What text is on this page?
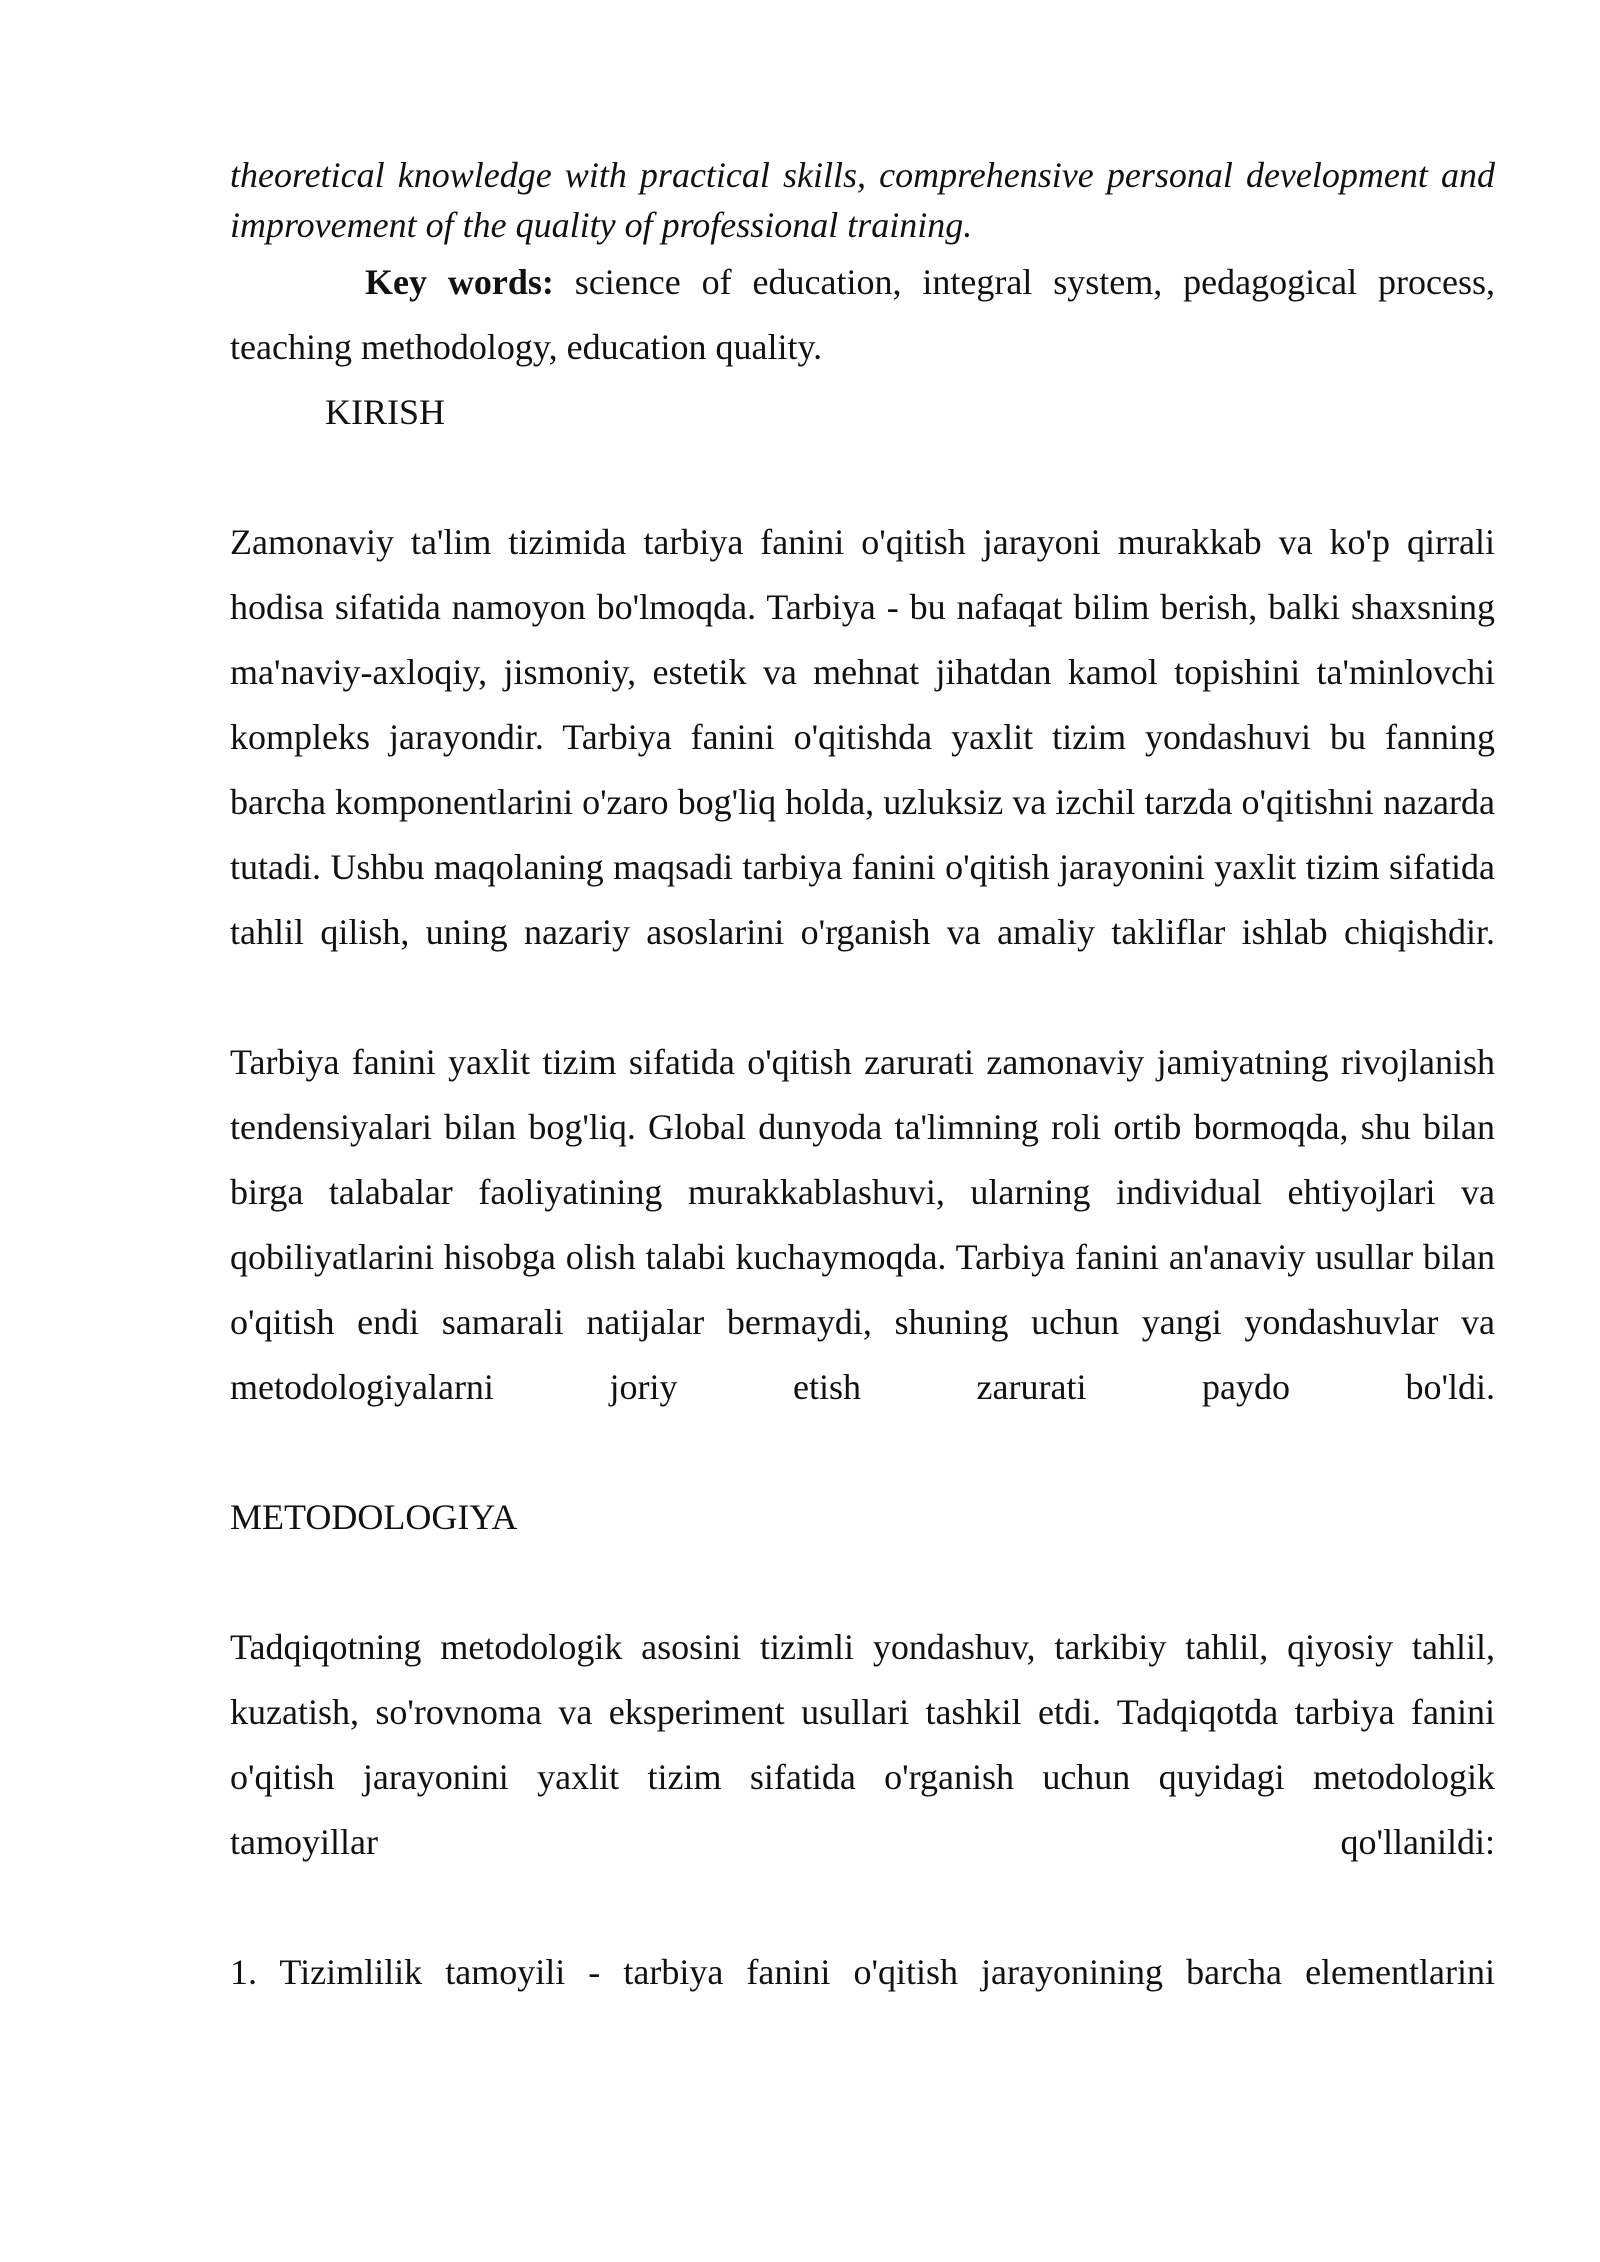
theoretical knowledge with practical skills, comprehensive personal development and improvement of the quality of professional training.

Key words: science of education, integral system, pedagogical process, teaching methodology, education quality.

KIRISH

Zamonaviy ta'lim tizimida tarbiya fanini o'qitish jarayoni murakkab va ko'p qirrali hodisa sifatida namoyon bo'lmoqda. Tarbiya - bu nafaqat bilim berish, balki shaxsning ma'naviy-axloqiy, jismoniy, estetik va mehnat jihatdan kamol topishini ta'minlovchi kompleks jarayondir. Tarbiya fanini o'qitishda yaxlit tizim yondashuvi bu fanning barcha komponentlarini o'zaro bog'liq holda, uzluksiz va izchil tarzda o'qitishni nazarda tutadi. Ushbu maqolaning maqsadi tarbiya fanini o'qitish jarayonini yaxlit tizim sifatida tahlil qilish, uning nazariy asoslarini o'rganish va amaliy takliflar ishlab chiqishdir.

Tarbiya fanini yaxlit tizim sifatida o'qitish zarurati zamonaviy jamiyatning rivojlanish tendensiyalari bilan bog'liq. Global dunyoda ta'limning roli ortib bormoqda, shu bilan birga talabalar faoliyatining murakkablashuvi, ularning individual ehtiyojlari va qobiliyatlarini hisobga olish talabi kuchaymoqda. Tarbiya fanini an'anaviy usullar bilan o'qitish endi samarali natijalar bermaydi, shuning uchun yangi yondashuvlar va metodologiyalarni joriy etish zarurati paydo bo'ldi.

METODOLOGIYA

Tadqiqotning metodologik asosini tizimli yondashuv, tarkibiy tahlil, qiyosiy tahlil, kuzatish, so'rovnoma va eksperiment usullari tashkil etdi. Tadqiqotda tarbiya fanini o'qitish jarayonini yaxlit tizim sifatida o'rganish uchun quyidagi metodologik tamoyillar qo'llanildi:

1. Tizimlilik tamoyili - tarbiya fanini o'qitish jarayonining barcha elementlarini
